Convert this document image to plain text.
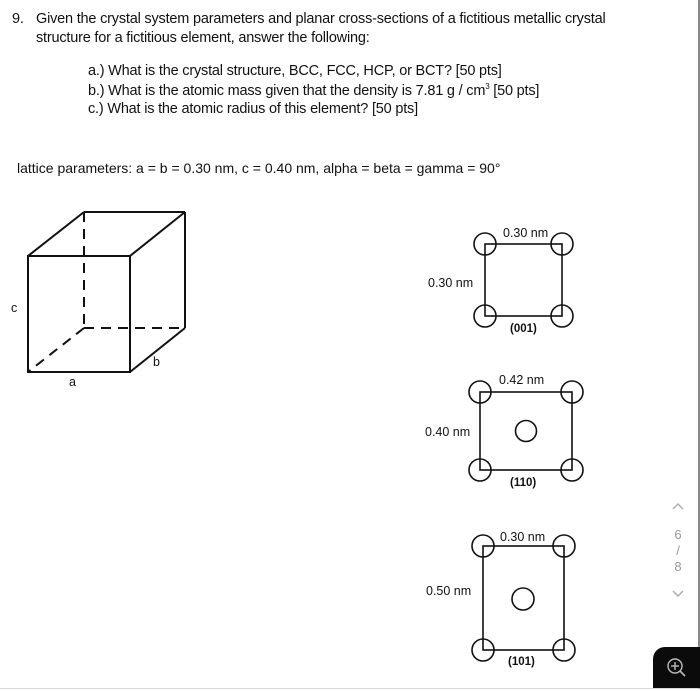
9. Given the crystal system parameters and planar cross-sections of a fictitious metallic crystal structure for a fictitious element, answer the following:
a.) What is the crystal structure, BCC, FCC, HCP, or BCT? [50 pts]
b.) What is the atomic mass given that the density is 7.81 g / $cm^3$ [50 pts]
c.) What is the atomic radius of this element? [50 pts]
lattice parameters: a = b = 0.30 nm, c = 0.40 nm, alpha = beta = gamma = 90°
c
a
b
0.30 nm
0.30 nm
(001)
0.42 nm
0.40 nm
(110)
0.30 nm
0.50 nm
(101)
6
/
8
